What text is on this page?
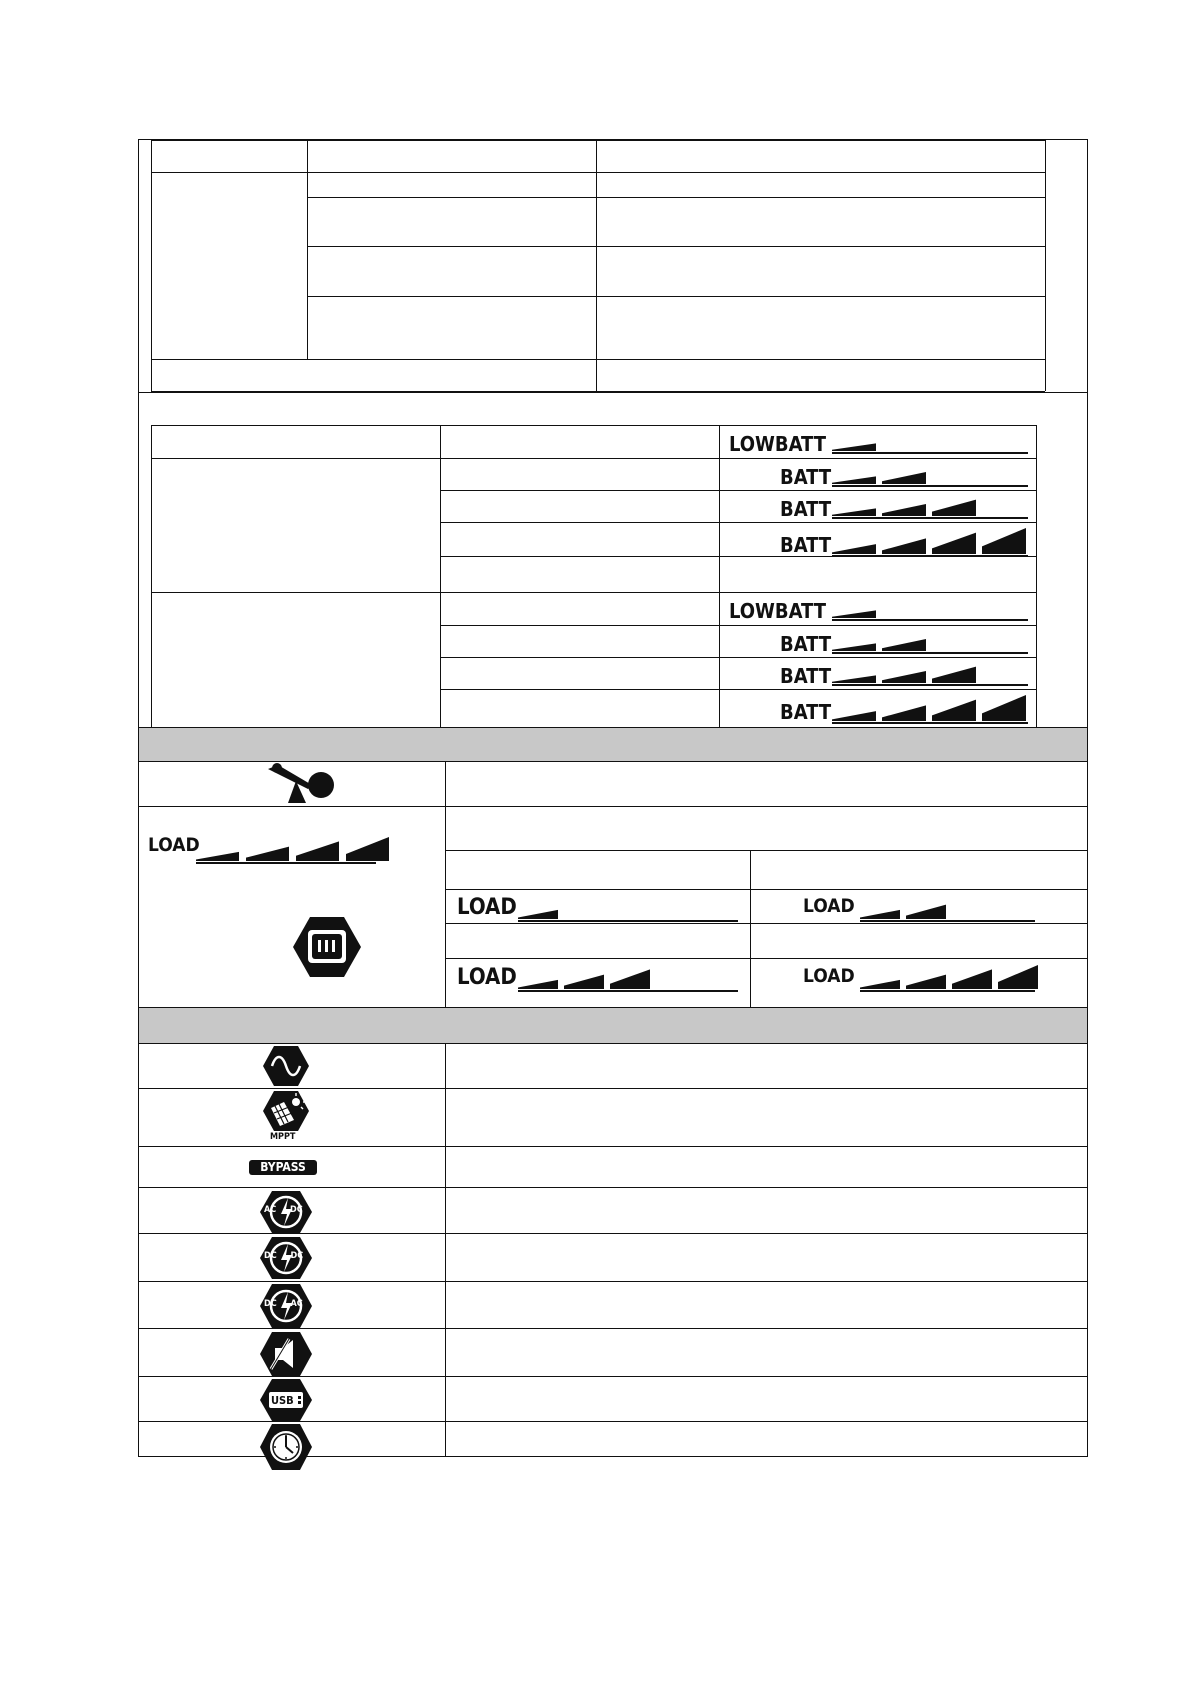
LOWBATT
BATT
BATT
BATT
LOWBATT
BATT
BATT
BATT
LOAD
LOAD	LOAD
LOAD	LOAD
MPPT
BYPASS
AC DC
DC DC
DC AC
USB
